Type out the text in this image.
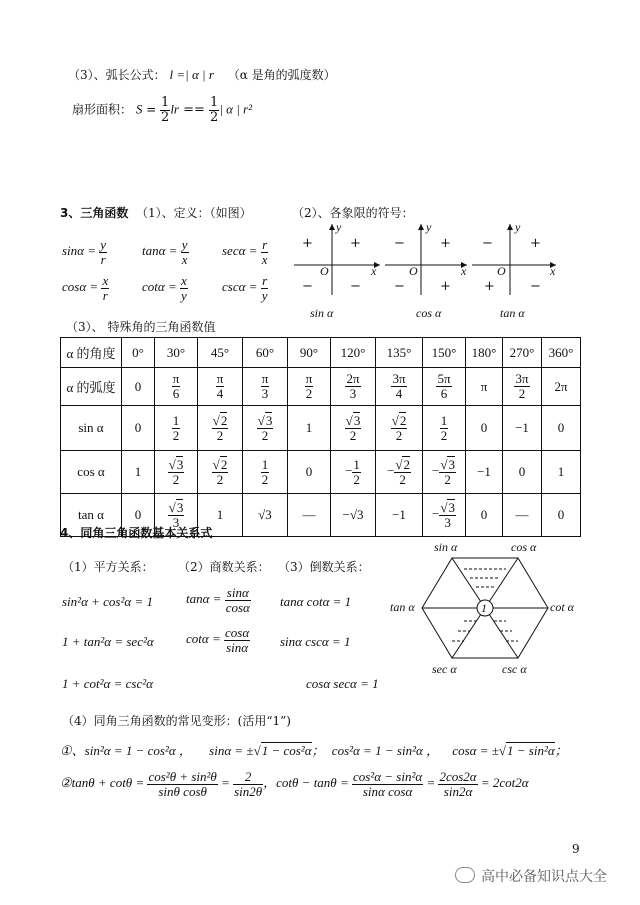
（3）、弧长公式： l =| α | r （α 是角的弧度数）
扇形面积： $S = \frac{1}{2}$ lr == $\frac{1}{2}$ | α | r²
3、三角函数 （1）、定义：（如图）	（2）、各象限的符号：
$\sin\alpha = \frac{y}{r}$	$\tan\alpha = \frac{y}{x}$	$\sec\alpha = \frac{r}{x}$
$\cos\alpha = \frac{x}{r}$	$\cot\alpha = \frac{x}{y}$	$\csc\alpha = \frac{r}{y}$
y
x
O
+	+
−	−
sin α
y
x
O
−	+
−	+
cos α
y
x
O
−	+
+	−
tan α
（3）、 特殊角的三角函数值
α 的角度	0°	30°	45°	60°	90°	120°	135°	150°	180°	270°	360°
α 的弧度	0	$\frac{\pi}{6}$	$\frac{\pi}{4}$	$\frac{\pi}{3}$	$\frac{\pi}{2}$	$\frac{2\pi}{3}$	$\frac{3\pi}{4}$	$\frac{5\pi}{6}$	π	$\frac{3\pi}{2}$	2π
sin α	0	$\frac{1}{2}$	$\frac{√2}{2}$	$\frac{√3}{2}$	1	$\frac{√3}{2}$	$\frac{√2}{2}$	$\frac{1}{2}$	0	−1	0
cos α	1	$\frac{√3}{2}$	$\frac{√2}{2}$	$\frac{1}{2}$	0	− $\frac{1}{2}$	− $\frac{√2}{2}$	− $\frac{√3}{2}$	−1	0	1
tan α	0	$\frac{√3}{3}$	1	√3	—	−√3	−1	− $\frac{√3}{3}$	0	—	0
4、同角三角函数基本关系式
（1）平方关系： （2）商数关系： （3）倒数关系：
sin²α + cos²α = 1
1 + tan²α = sec²α
1 + cot²α = csc²α
$\tan\alpha = \frac{\sin\alpha}{\cos\alpha}$
$\cot\alpha = \frac{\cos\alpha}{\sin\alpha}$
tanα cotα = 1
sinα cscα = 1
cosα secα = 1
1
sin α	cos α
tan α	cot α
sec α	csc α
（4）同角三角函数的常见变形：(活用“1”)
①、sin²α = 1 − cos²α ， sinα = ±√1 − cos²α； cos²α = 1 − sin²α ， cosα = ±√1 − sin²α；
②tanθ + $\cot\theta = \frac{\text{cos²θ + sin²θ}}{\text{sinθ cosθ}} = \frac{2}{\sin 2\theta}$ ，$\cot\theta - \tan\theta = \frac{\text{cos²α − sin²α}}{\text{sinα cosα}} = \frac{2\cos 2\alpha}{\sin 2\alpha} = 2\cot 2\alpha$
9
高中必备知识点大全
